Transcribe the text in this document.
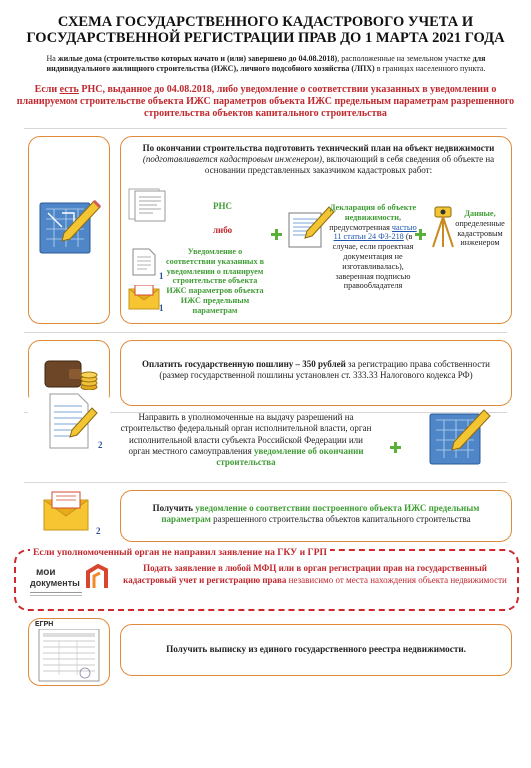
СХЕМА ГОСУДАРСТВЕННОГО КАДАСТРОВОГО УЧЕТА И
ГОСУДАРСТВЕННОЙ РЕГИСТРАЦИИ ПРАВ ДО 1 МАРТА 2021 ГОДА
На жилые дома (строительство которых начато и (или) завершено до 04.08.2018), расположенные на земельном участке для индивидуального жилищного строительства (ИЖС), личного подсобного хозяйства (ЛПХ) в границах населенного пункта.
Если есть РНС, выданное до 04.08.2018, либо уведомление о соответствии указанных в уведомлении о планируемом строительстве объекта ИЖС параметров объекта ИЖС предельным параметрам разрешенного строительства объектов капитального строительства
По окончании строительства подготовить технический план на объект недвижимости (подготавливается кадастровым инженером), включающий в себя сведения об объекте на основании представленных заказчиком кадастровых работ:
РНС
либо
1
1
Уведомление о соответствии указанных в уведомлении о планируем строительстве объекта ИЖС параметров объекта ИЖС предельным параметрам
Декларация об объекте недвижимости, предусмотренная частью 11 статьи 24 ФЗ-218 (в случае, если проектная документация не изготавливалась), заверенная подписью правообладателя
Данные, определенные кадастровым инженером
Оплатить государственную пошлину – 350 рублей за регистрацию права собственности (размер государственной пошлины установлен ст. 333.33 Налогового кодекса РФ)
2
Направить в уполномоченные на выдачу разрешений на строительство федеральный орган исполнительной власти, орган исполнительной власти субъекта Российской Федерации или орган местного самоуправления уведомление об окончании строительства
2
Получить уведомление о соответствии построенного объекта ИЖС предельным параметрам разрешенного строительства объектов капитального строительства
Если уполномоченный орган не направил заявление на ГКУ и ГРП
мои
документы
Подать заявление в любой МФЦ или в орган регистрации прав на государственный кадастровый учет и регистрацию права независимо от места нахождения объекта недвижимости
ЕГРН
Получить выписку из единого государственного реестра недвижимости.
